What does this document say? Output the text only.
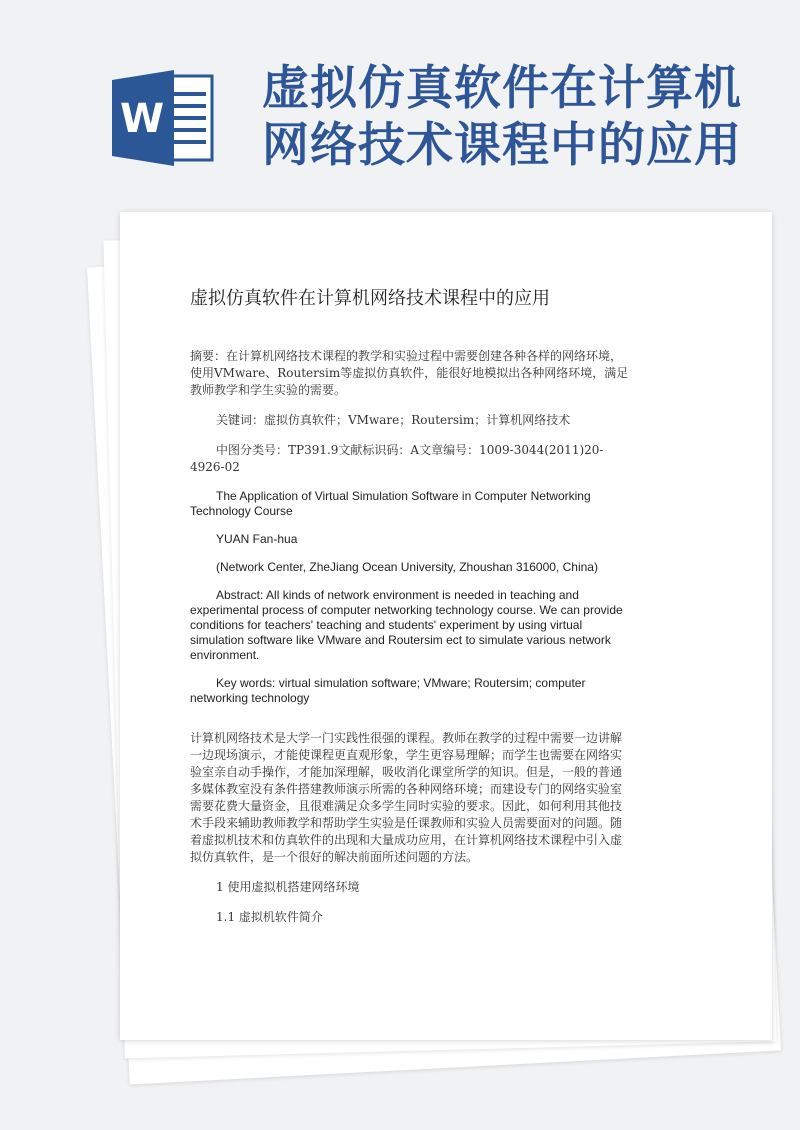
W
虚拟仿真软件在计算机
网络技术课程中的应用
虚拟仿真软件在计算机网络技术课程中的应用

摘要：在计算机网络技术课程的教学和实验过程中需要创建各种各样的网络环境，使用VMware、Routersim等虚拟仿真软件，能很好地模拟出各种网络环境，满足教师教学和学生实验的需要。

关键词：虚拟仿真软件；VMware；Routersim；计算机网络技术

中图分类号：TP391.9文献标识码：A文章编号：1009-3044(2011)20-4926-02

The Application of Virtual Simulation Software in Computer Networking Technology Course

YUAN Fan-hua

(Network Center, ZheJiang Ocean University, Zhoushan 316000, China)

Abstract: All kinds of network environment is needed in teaching and experimental process of computer networking technology course. We can provide conditions for teachers' teaching and students' experiment by using virtual simulation software like VMware and Routersim ect to simulate various network environment.

Key words: virtual simulation software; VMware; Routersim; computer networking technology

计算机网络技术是大学一门实践性很强的课程。教师在教学的过程中需要一边讲解一边现场演示，才能使课程更直观形象，学生更容易理解；而学生也需要在网络实验室亲自动手操作，才能加深理解，吸收消化课堂所学的知识。但是，一般的普通多媒体教室没有条件搭建教师演示所需的各种网络环境；而建设专门的网络实验室需要花费大量资金，且很难满足众多学生同时实验的要求。因此，如何利用其他技术手段来辅助教师教学和帮助学生实验是任课教师和实验人员需要面对的问题。随着虚拟机技术和仿真软件的出现和大量成功应用，在计算机网络技术课程中引入虚拟仿真软件，是一个很好的解决前面所述问题的方法。

1 使用虚拟机搭建网络环境

1.1 虚拟机软件简介
